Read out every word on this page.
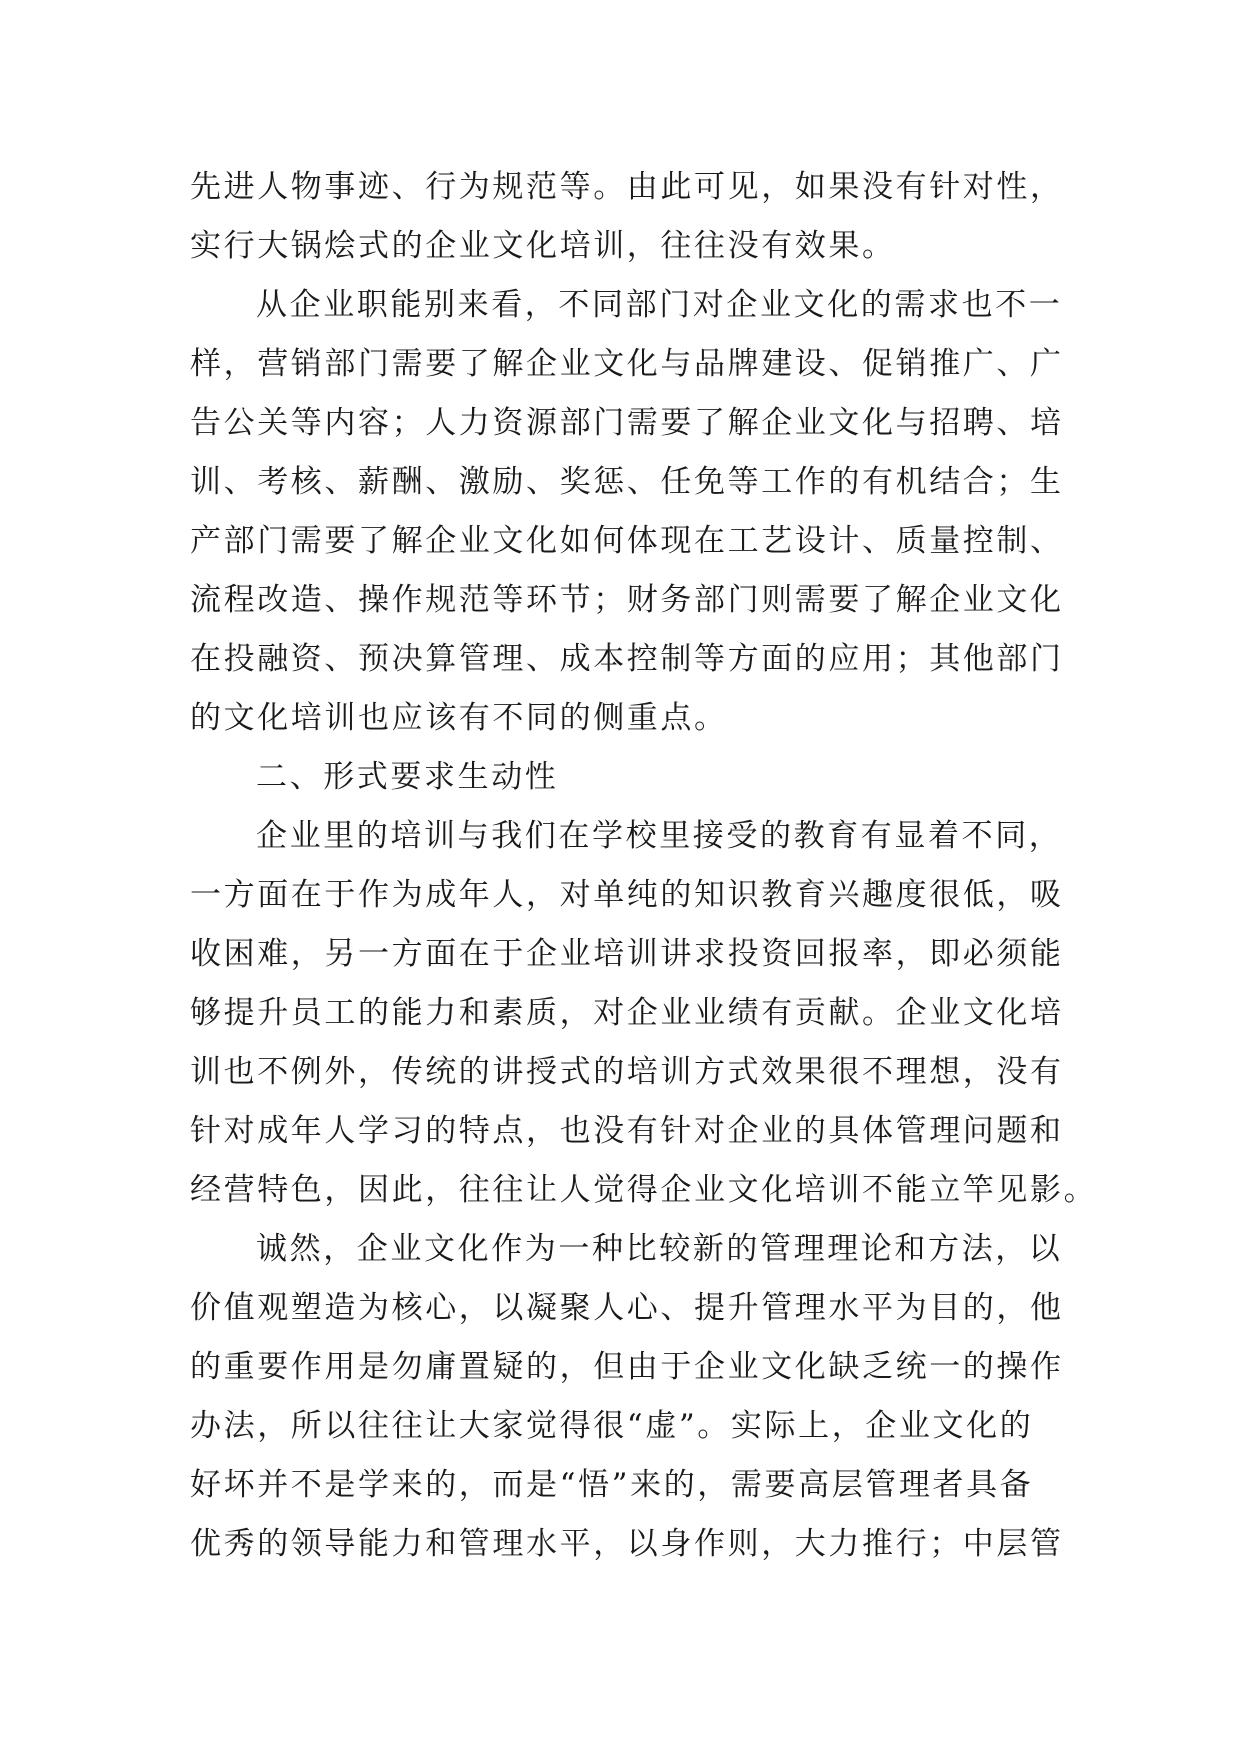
先进人物事迹、行为规范等。由此可见，如果没有针对性，
实行大锅烩式的企业文化培训，往往没有效果。
从企业职能别来看，不同部门对企业文化的需求也不一
样，营销部门需要了解企业文化与品牌建设、促销推广、广
告公关等内容；人力资源部门需要了解企业文化与招聘、培
训、考核、薪酬、激励、奖惩、任免等工作的有机结合；生
产部门需要了解企业文化如何体现在工艺设计、质量控制、
流程改造、操作规范等环节；财务部门则需要了解企业文化
在投融资、预决算管理、成本控制等方面的应用；其他部门
的文化培训也应该有不同的侧重点。
二、形式要求生动性
企业里的培训与我们在学校里接受的教育有显着不同，
一方面在于作为成年人，对单纯的知识教育兴趣度很低，吸
收困难，另一方面在于企业培训讲求投资回报率，即必须能
够提升员工的能力和素质，对企业业绩有贡献。企业文化培
训也不例外，传统的讲授式的培训方式效果很不理想，没有
针对成年人学习的特点，也没有针对企业的具体管理问题和
经营特色，因此，往往让人觉得企业文化培训不能立竿见影。
诚然，企业文化作为一种比较新的管理理论和方法，以
价值观塑造为核心，以凝聚人心、提升管理水平为目的，他
的重要作用是勿庸置疑的，但由于企业文化缺乏统一的操作
办法，所以往往让大家觉得很“虚”。实际上，企业文化的
好坏并不是学来的，而是“悟”来的，需要高层管理者具备
优秀的领导能力和管理水平，以身作则，大力推行；中层管
